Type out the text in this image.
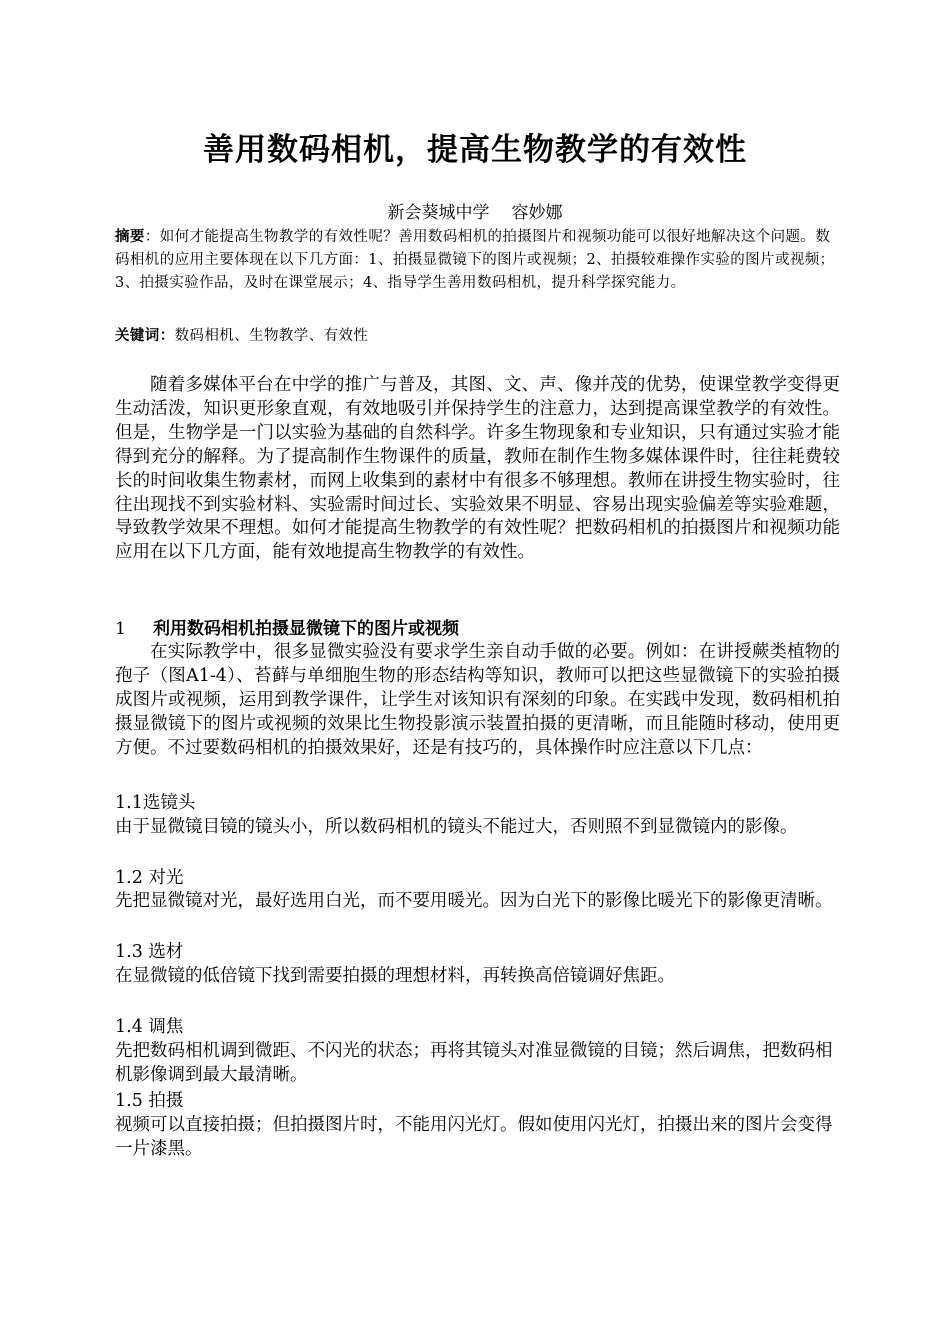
善用数码相机，提高生物教学的有效性
新会葵城中学 容妙娜
摘要：如何才能提高生物教学的有效性呢？善用数码相机的拍摄图片和视频功能可以很好地解决这个问题。数码相机的应用主要体现在以下几方面：1、拍摄显微镜下的图片或视频；2、拍摄较难操作实验的图片或视频；3、拍摄实验作品，及时在课堂展示；4、指导学生善用数码相机，提升科学探究能力。
关键词：数码相机、生物教学、有效性
随着多媒体平台在中学的推广与普及，其图、文、声、像并茂的优势，使课堂教学变得更生动活泼，知识更形象直观，有效地吸引并保持学生的注意力，达到提高课堂教学的有效性。但是，生物学是一门以实验为基础的自然科学。许多生物现象和专业知识，只有通过实验才能得到充分的解释。为了提高制作生物课件的质量，教师在制作生物多媒体课件时，往往耗费较长的时间收集生物素材，而网上收集到的素材中有很多不够理想。教师在讲授生物实验时，往往出现找不到实验材料、实验需时间过长、实验效果不明显、容易出现实验偏差等实验难题，导致教学效果不理想。如何才能提高生物教学的有效性呢？把数码相机的拍摄图片和视频功能应用在以下几方面，能有效地提高生物教学的有效性。
1 利用数码相机拍摄显微镜下的图片或视频
在实际教学中，很多显微实验没有要求学生亲自动手做的必要。例如：在讲授蕨类植物的孢子（图A1-4）、苔藓与单细胞生物的形态结构等知识，教师可以把这些显微镜下的实验拍摄成图片或视频，运用到教学课件，让学生对该知识有深刻的印象。在实践中发现，数码相机拍摄显微镜下的图片或视频的效果比生物投影演示装置拍摄的更清晰，而且能随时移动，使用更方便。不过要数码相机的拍摄效果好，还是有技巧的，具体操作时应注意以下几点：
1.1选镜头
由于显微镜目镜的镜头小，所以数码相机的镜头不能过大，否则照不到显微镜内的影像。
1.2 对光
先把显微镜对光，最好选用白光，而不要用暖光。因为白光下的影像比暖光下的影像更清晰。
1.3 选材
在显微镜的低倍镜下找到需要拍摄的理想材料，再转换高倍镜调好焦距。
1.4 调焦
先把数码相机调到微距、不闪光的状态；再将其镜头对准显微镜的目镜；然后调焦，把数码相机影像调到最大最清晰。
1.5 拍摄
视频可以直接拍摄；但拍摄图片时，不能用闪光灯。假如使用闪光灯，拍摄出来的图片会变得一片漆黑。
